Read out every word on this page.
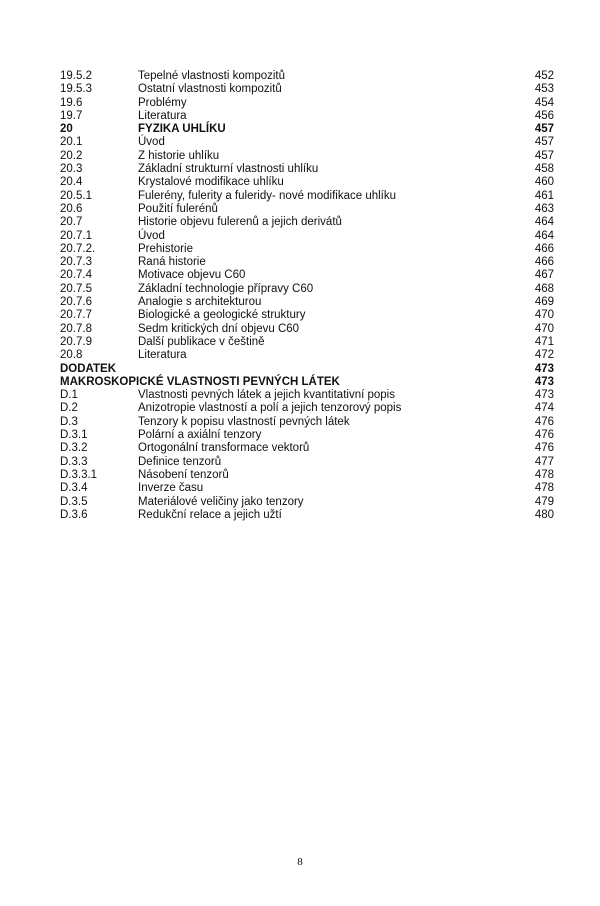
19.5.2	Tepelné vlastnosti kompozitů	452
19.5.3	Ostatní vlastnosti kompozitů	453
19.6	Problémy	454
19.7	Literatura	456
20	FYZIKA UHLÍKU	457
20.1	Úvod	457
20.2	Z historie uhlíku	457
20.3	Základní strukturní vlastnosti uhlíku	458
20.4	Krystalové modifikace uhlíku	460
20.5.1	Fulerény, fulerity a fuleridy- nové modifikace uhlíku	461
20.6	Použití fulerénů	463
20.7	Historie objevu fulerenů a jejich derivátů	464
20.7.1	Úvod	464
20.7.2.	Prehistorie	466
20.7.3	Raná historie	466
20.7.4	Motivace objevu C60	467
20.7.5	Základní technologie přípravy C60	468
20.7.6	Analogie s architekturou	469
20.7.7	Biologické a geologické struktury	470
20.7.8	Sedm kritických dní objevu C60	470
20.7.9	Další publikace v češtině	471
20.8	Literatura	472
DODATEK	473
MAKROSKOPICKÉ VLASTNOSTI PEVNÝCH LÁTEK	473
D.1	Vlastnosti pevných látek a jejich kvantitativní popis	473
D.2	Anizotropie vlastností a polí a jejich tenzorový popis	474
D.3	Tenzory k popisu vlastností pevných látek	476
D.3.1	Polární a axiální tenzory	476
D.3.2	Ortogonální transformace vektorů	476
D.3.3	Definice tenzorů	477
D.3.3.1	Násobení tenzorů	478
D.3.4	Inverze času	478
D.3.5	Materiálové veličiny jako tenzory	479
D.3.6	Redukční relace a jejich užtí	480
8
